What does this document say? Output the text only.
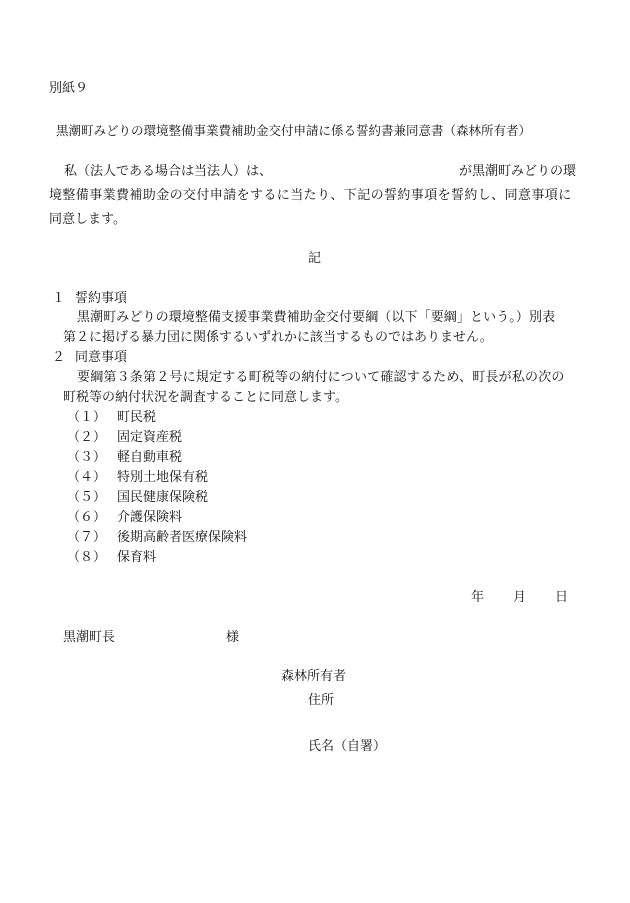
別紙９
黒潮町みどりの環境整備事業費補助金交付申請に係る誓約書兼同意書（森林所有者）
私（法人である場合は当法人）は、	が黒潮町みどりの環
境整備事業費補助金の交付申請をするに当たり、下記の誓約事項を誓約し、同意事項に
同意します。
記
１ 誓約事項
黒潮町みどりの環境整備支援事業費補助金交付要綱（以下「要綱」という。）別表
第２に掲げる暴力団に関係するいずれかに該当するものではありません。
２ 同意事項
要綱第３条第２号に規定する町税等の納付について確認するため、町長が私の次の
町税等の納付状況を調査することに同意します。
（１） 町民税
（２） 固定資産税
（３） 軽自動車税
（４） 特別土地保有税
（５） 国民健康保険税
（６） 介護保険料
（７） 後期高齢者医療保険料
（８） 保育料
年 月 日
黒潮町長	様
森林所有者
住所
氏名（自署）
